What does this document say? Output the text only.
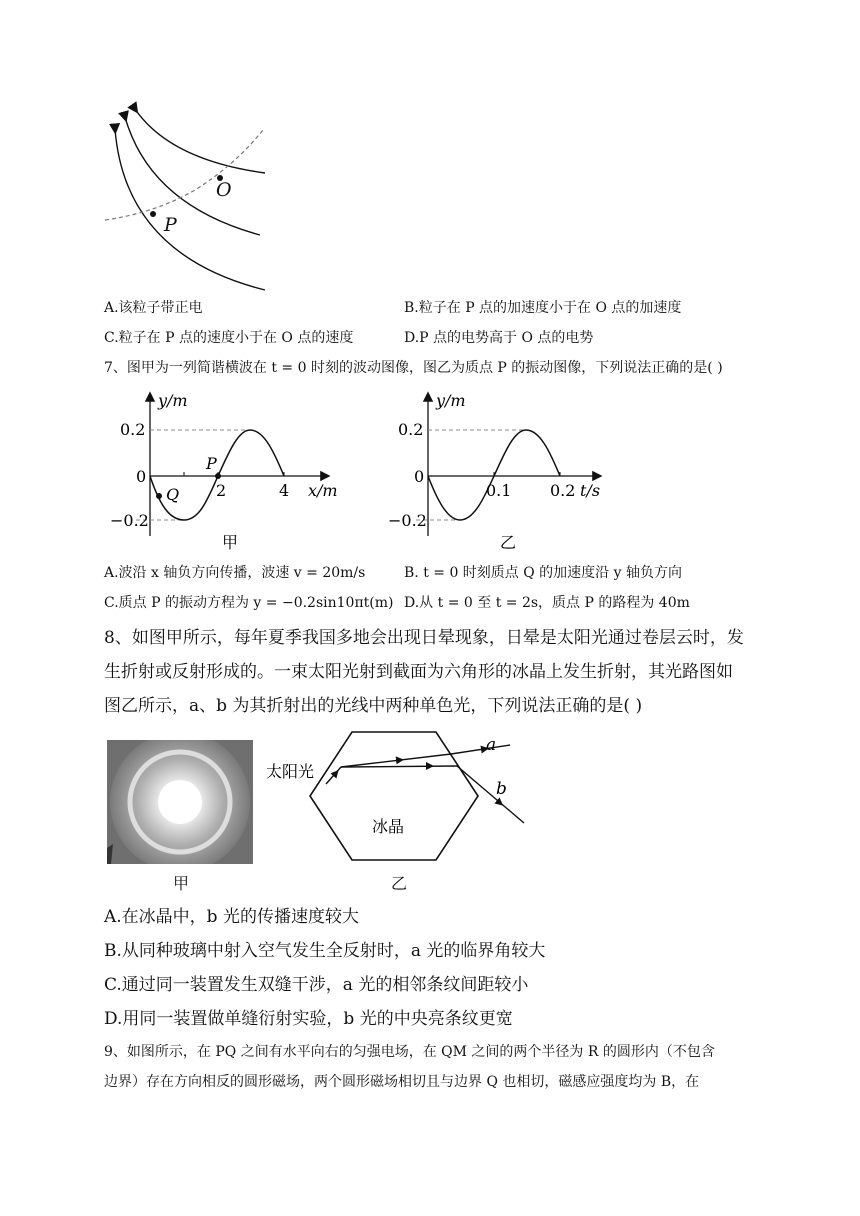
O
P
A.该粒子带正电	B.粒子在 P 点的加速度小于在 O 点的加速度
C.粒子在 P 点的速度小于在 O 点的速度	D.P 点的电势高于 O 点的电势
7、图甲为一列简谐横波在 t = 0 时刻的波动图像，图乙为质点 P 的振动图像，下列说法正确的是( )
y/m
0.2
0
−0.2
2	4 x/m
P
Q
甲
y/m
0.2
0
−0.2
0.1 0.2 t/s
乙
A.波沿 x 轴负方向传播，波速 v = 20m/s	B. t = 0 时刻质点 Q 的加速度沿 y 轴负方向
C.质点 P 的振动方程为 y = −0.2sin10πt(m) D.从 t = 0 至 t = 2s，质点 P 的路程为 40m
8、如图甲所示，每年夏季我国多地会出现日晕现象，日晕是太阳光通过卷层云时，发
生折射或反射形成的。一束太阳光射到截面为六角形的冰晶上发生折射，其光路图如
图乙所示，a、b 为其折射出的光线中两种单色光，下列说法正确的是( )
甲
a
b
太阳光
冰晶
乙
A.在冰晶中，b 光的传播速度较大
B.从同种玻璃中射入空气发生全反射时，a 光的临界角较大
C.通过同一装置发生双缝干涉，a 光的相邻条纹间距较小
D.用同一装置做单缝衍射实验，b 光的中央亮条纹更宽
9、如图所示，在 PQ 之间有水平向右的匀强电场，在 QM 之间的两个半径为 R 的圆形内（不包含
边界）存在方向相反的圆形磁场，两个圆形磁场相切且与边界 Q 也相切，磁感应强度均为 B，在
